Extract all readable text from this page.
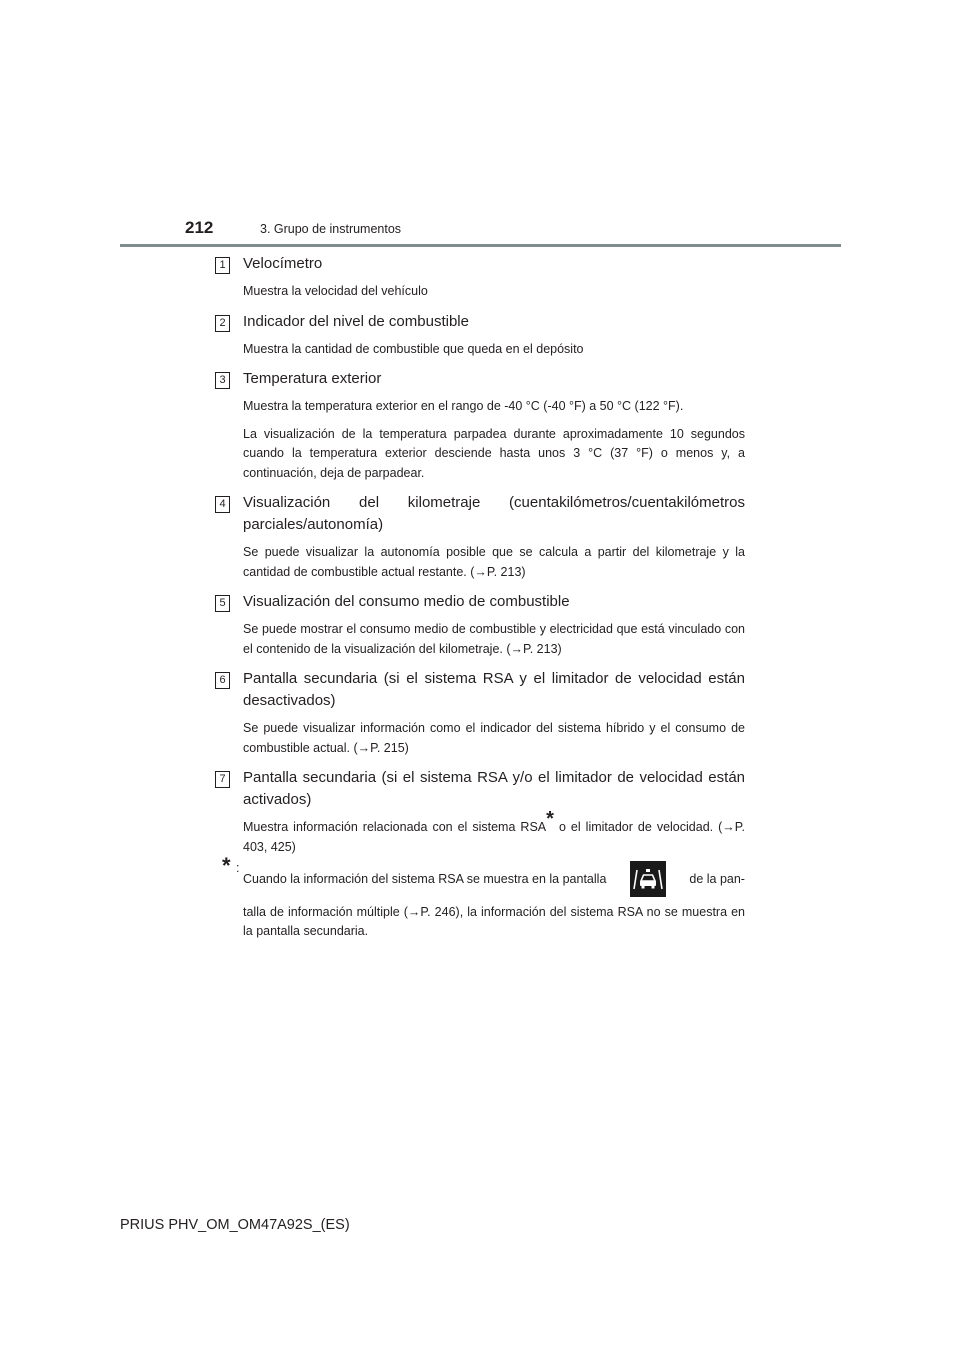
212	3. Grupo de instrumentos
1 Velocímetro
Muestra la velocidad del vehículo
2 Indicador del nivel de combustible
Muestra la cantidad de combustible que queda en el depósito
3 Temperatura exterior
Muestra la temperatura exterior en el rango de -40 °C (-40 °F) a 50 °C (122 °F).
La visualización de la temperatura parpadea durante aproximadamente 10 segundos cuando la temperatura exterior desciende hasta unos 3 °C (37 °F) o menos y, a continuación, deja de parpadear.
4 Visualización del kilometraje (cuentakilómetros/cuentakilómetros parciales/autonomía)
Se puede visualizar la autonomía posible que se calcula a partir del kilometraje y la cantidad de combustible actual restante. (→P. 213)
5 Visualización del consumo medio de combustible
Se puede mostrar el consumo medio de combustible y electricidad que está vinculado con el contenido de la visualización del kilometraje. (→P. 213)
6 Pantalla secundaria (si el sistema RSA y el limitador de velocidad están desactivados)
Se puede visualizar información como el indicador del sistema híbrido y el consumo de combustible actual. (→P. 215)
7 Pantalla secundaria (si el sistema RSA y/o el limitador de velocidad están activados)
Muestra información relacionada con el sistema RSA* o el limitador de velocidad. (→P. 403, 425)
* :
Cuando la información del sistema RSA se muestra en la pantalla	de la pan-
talla de información múltiple (→P. 246), la información del sistema RSA no se muestra en la pantalla secundaria.
PRIUS PHV_OM_OM47A92S_(ES)
